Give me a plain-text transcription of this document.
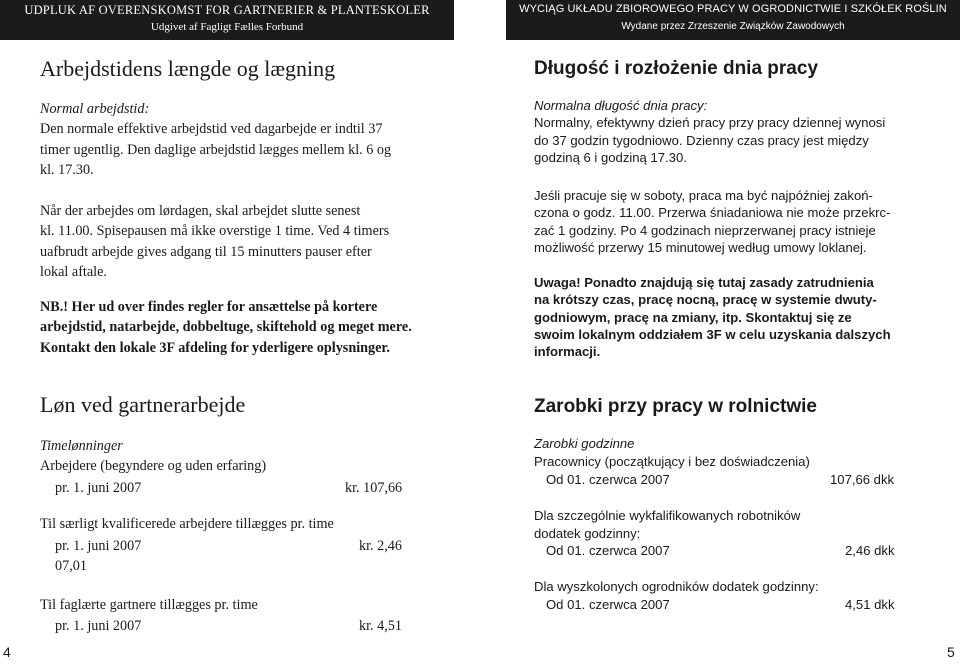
UDPLUK AF OVERENSKOMST FOR GARTNERIER & PLANTESKOLER
Udgivet af Fagligt Fælles Forbund
WYCIĄG UKŁADU ZBIOROWEGO PRACY W OGRODNICTWIE I SZKÓŁEK ROŚLIN
Wydane przez Zrzeszenie Związków Zawodowych
Arbejdstidens længde og lægning
Normal arbejdstid:
Den normale effektive arbejdstid ved dagarbejde er indtil 37
timer ugentlig. Den daglige arbejdstid lægges mellem kl. 6 og
kl. 17.30.
Når der arbejdes om lørdagen, skal arbejdet slutte senest
kl. 11.00. Spisepausen må ikke overstige 1 time. Ved 4 timers
uafbrudt arbejde gives adgang til 15 minutters pauser efter
lokal aftale.
NB.! Her ud over findes regler for ansættelse på kortere
arbejdstid, natarbejde, dobbeltuge, skiftehold og meget mere.
Kontakt den lokale 3F afdeling for yderligere oplysninger.
Løn ved gartnerarbejde
Timelønninger
Arbejdere (begyndere og uden erfaring)
pr. 1. juni 2007	kr. 107,66
Til særligt kvalificerede arbejdere tillægges pr. time
pr. 1. juni 2007	kr. 2,46
07,01
Til faglærte gartnere tillægges pr. time
pr. 1. juni 2007	kr. 4,51
Długość i rozłożenie dnia pracy
Normalna długość dnia pracy:
Normalny, efektywny dzień pracy przy pracy dziennej wynosi
do 37 godzin tygodniowo. Dzienny czas pracy jest między
godziną 6 i godziną 17.30.
Jeśli pracuje się w soboty, praca ma być najpóźniej zakoń-
czona o godz. 11.00. Przerwa śniadaniowa nie może przekrc-
zać 1 godziny. Po 4 godzinach nieprzerwanej pracy istnieje
możliwość przerwy 15 minutowej według umowy loklanej.
Uwaga! Ponadto znajdują się tutaj zasady zatrudnienia
na krótszy czas, pracę nocną, pracę w systemie dwuty-
godniowym, pracę na zmiany, itp. Skontaktuj się ze
swoim lokalnym oddziałem 3F w celu uzyskania dalszych
informacji.
Zarobki przy pracy w rolnictwie
Zarobki godzinne
Pracownicy (początkujący i bez doświadczenia)
Od 01. czerwca 2007	107,66 dkk
Dla szczególnie wykfalifikowanych robotników
dodatek godzinny:
Od 01. czerwca 2007	2,46 dkk
Dla wyszkolonych ogrodników dodatek godzinny:
Od 01. czerwca 2007	4,51 dkk
4	5
